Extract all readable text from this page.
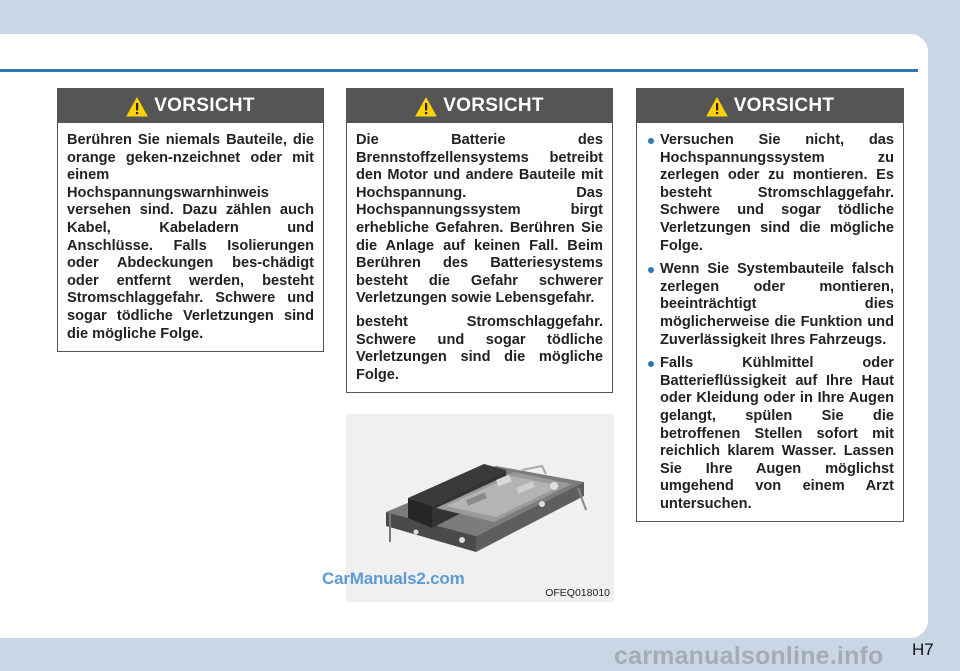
VORSICHT

Berühren Sie niemals Bauteile, die orange geken-nzeichnet oder mit einem Hochspannungswarnhinweis versehen sind. Dazu zählen auch Kabel, Kabeladern und Anschlüsse. Falls Isolierungen oder Abdeckungen bes-chädigt oder entfernt werden, besteht Stromschlaggefahr. Schwere und sogar tödliche Verletzungen sind die mögliche Folge.

VORSICHT

Die Batterie des Brennstoffzellensystems betreibt den Motor und andere Bauteile mit Hochspannung. Das Hochspannungssystem birgt erhebliche Gefahren. Berühren Sie die Anlage auf keinen Fall. Beim Berühren des Batteriesystems besteht die Gefahr schwerer Verletzungen sowie Lebensgefahr.

besteht Stromschlaggefahr. Schwere und sogar tödliche Verletzungen sind die mögliche Folge.

VORSICHT
Versuchen Sie nicht, das Hochspannungssystem zu zerlegen oder zu montieren. Es besteht Stromschlaggefahr. Schwere und sogar tödliche Verletzungen sind die mögliche Folge.
Wenn Sie Systembauteile falsch zerlegen oder montieren, beeinträchtigt dies möglicherweise die Funktion und Zuverlässigkeit Ihres Fahrzeugs.
Falls Kühlmittel oder Batterieflüssigkeit auf Ihre Haut oder Kleidung oder in Ihre Augen gelangt, spülen Sie die betroffenen Stellen sofort mit reichlich klarem Wasser. Lassen Sie Ihre Augen möglichst umgehend von einem Arzt untersuchen.
OFEQ018010
CarManuals2.com
carmanualsonline.info H7
